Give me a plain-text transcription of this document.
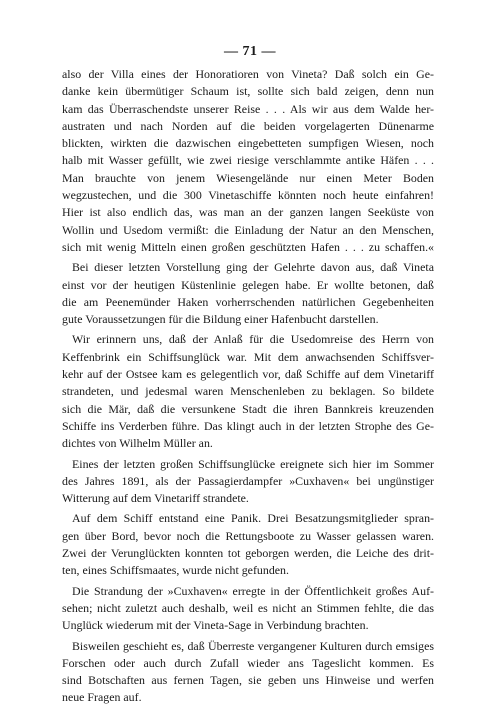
— 71 —
also der Villa eines der Honoratioren von Vineta? Daß solch ein Ge-
danke kein übermütiger Schaum ist, sollte sich bald zeigen, denn nun
kam das Überraschendste unserer Reise . . . Als wir aus dem Walde her-
austraten und nach Norden auf die beiden vorgelagerten Dünenarme
blickten, wirkten die dazwischen eingebetteten sumpfigen Wiesen, noch
halb mit Wasser gefüllt, wie zwei riesige verschlammte antike Häfen . . .
Man brauchte von jenem Wiesengelände nur einen Meter Boden
wegzustechen, und die 300 Vinetaschiffe könnten noch heute einfahren!
Hier ist also endlich das, was man an der ganzen langen Seeküste von
Wollin und Usedom vermißt: die Einladung der Natur an den Menschen,
sich mit wenig Mitteln einen großen geschützten Hafen . . . zu schaffen.«
Bei dieser letzten Vorstellung ging der Gelehrte davon aus, daß Vineta
einst vor der heutigen Küstenlinie gelegen habe. Er wollte betonen, daß
die am Peenemünder Haken vorherrschenden natürlichen Gegebenheiten
gute Voraussetzungen für die Bildung einer Hafenbucht darstellen.
Wir erinnern uns, daß der Anlaß für die Usedomreise des Herrn von
Keffenbrink ein Schiffsunglück war. Mit dem anwachsenden Schiffsver-
kehr auf der Ostsee kam es gelegentlich vor, daß Schiffe auf dem Vinetariff
strandeten, und jedesmal waren Menschenleben zu beklagen. So bildete
sich die Mär, daß die versunkene Stadt die ihren Bannkreis kreuzenden
Schiffe ins Verderben führe. Das klingt auch in der letzten Strophe des Ge-
dichtes von Wilhelm Müller an.
Eines der letzten großen Schiffsunglücke ereignete sich hier im Sommer
des Jahres 1891, als der Passagierdampfer »Cuxhaven« bei ungünstiger
Witterung auf dem Vinetariff strandete.
Auf dem Schiff entstand eine Panik. Drei Besatzungsmitglieder spran-
gen über Bord, bevor noch die Rettungsboote zu Wasser gelassen waren.
Zwei der Verunglückten konnten tot geborgen werden, die Leiche des drit-
ten, eines Schiffsmaates, wurde nicht gefunden.
Die Strandung der »Cuxhaven« erregte in der Öffentlichkeit großes Auf-
sehen; nicht zuletzt auch deshalb, weil es nicht an Stimmen fehlte, die das
Unglück wiederum mit der Vineta-Sage in Verbindung brachten.
Bisweilen geschieht es, daß Überreste vergangener Kulturen durch emsiges
Forschen oder auch durch Zufall wieder ans Tageslicht kommen. Es
sind Botschaften aus fernen Tagen, sie geben uns Hinweise und werfen
neue Fragen auf.
